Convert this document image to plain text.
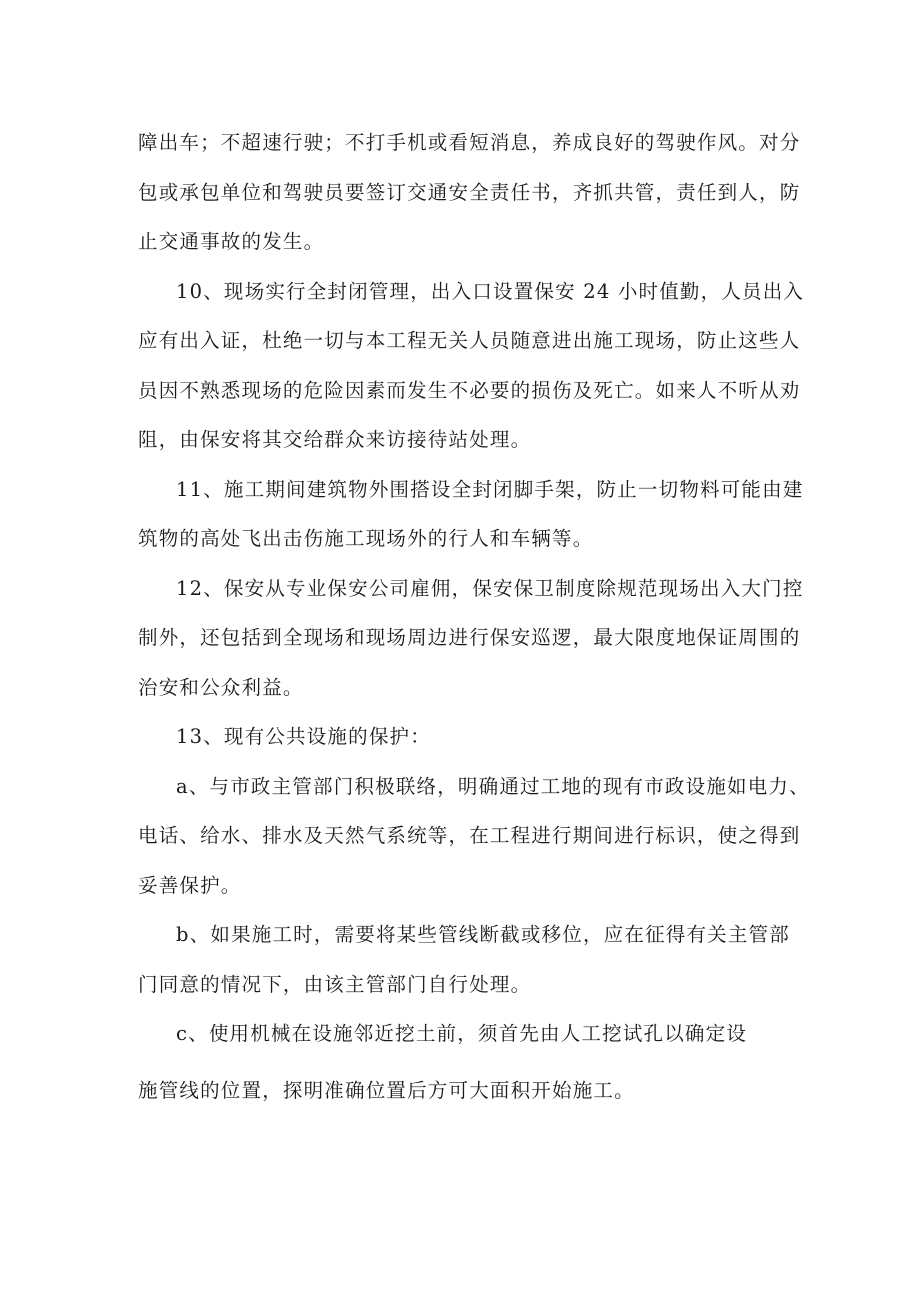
障出车；不超速行驶；不打手机或看短消息，养成良好的驾驶作风。对分
包或承包单位和驾驶员要签订交通安全责任书，齐抓共管，责任到人，防
止交通事故的发生。
10、现场实行全封闭管理，出入口设置保安 24 小时值勤，人员出入
应有出入证，杜绝一切与本工程无关人员随意进出施工现场，防止这些人
员因不熟悉现场的危险因素而发生不必要的损伤及死亡。如来人不听从劝
阻，由保安将其交给群众来访接待站处理。
11、施工期间建筑物外围搭设全封闭脚手架，防止一切物料可能由建
筑物的高处飞出击伤施工现场外的行人和车辆等。
12、保安从专业保安公司雇佣，保安保卫制度除规范现场出入大门控
制外，还包括到全现场和现场周边进行保安巡逻，最大限度地保证周围的
治安和公众利益。
13、现有公共设施的保护：
a、与市政主管部门积极联络，明确通过工地的现有市政设施如电力、
电话、给水、排水及天然气系统等，在工程进行期间进行标识，使之得到
妥善保护。
b、如果施工时，需要将某些管线断截或移位，应在征得有关主管部
门同意的情况下，由该主管部门自行处理。
c、使用机械在设施邻近挖土前，须首先由人工挖试孔以确定设
施管线的位置，探明准确位置后方可大面积开始施工。
